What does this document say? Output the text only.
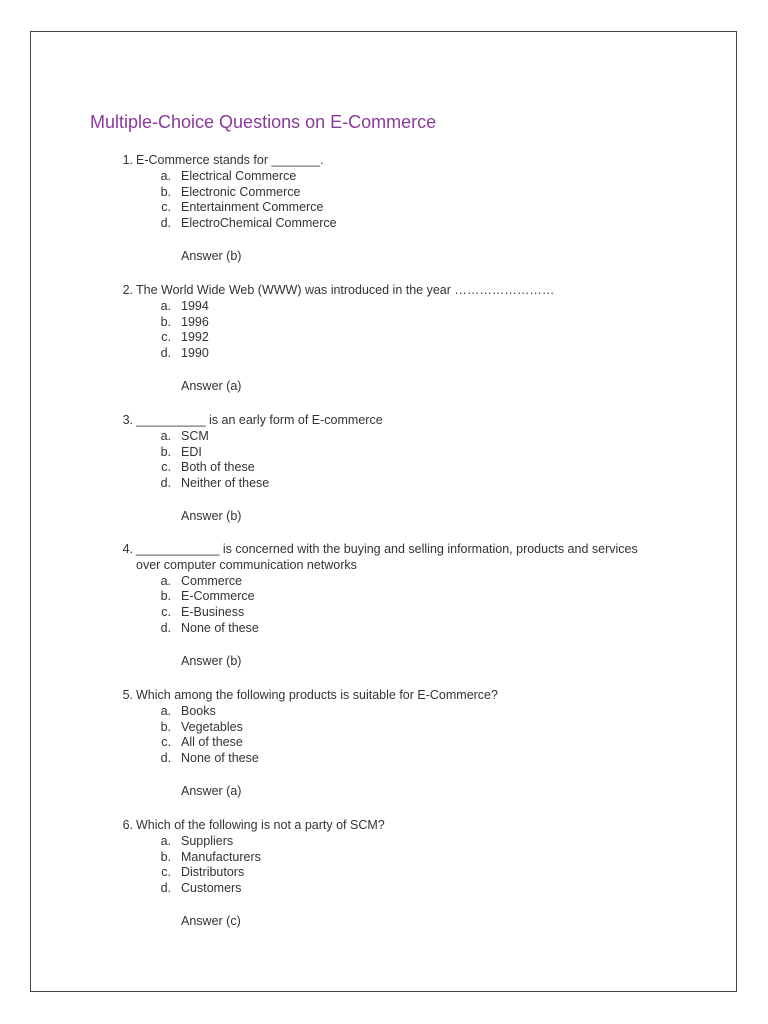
Multiple-Choice Questions on E-Commerce
1. E-Commerce stands for _______.
a. Electrical Commerce
b. Electronic Commerce
c. Entertainment Commerce
d. ElectroChemical Commerce
Answer (b)
2. The World Wide Web (WWW) was introduced in the year ……………………
a. 1994
b. 1996
c. 1992
d. 1990
Answer (a)
3. __________ is an early form of E-commerce
a. SCM
b. EDI
c. Both of these
d. Neither of these
Answer (b)
4. ____________ is concerned with the buying and selling information, products and services
over computer communication networks
a. Commerce
b. E-Commerce
c. E-Business
d. None of these
Answer (b)
5. Which among the following products is suitable for E-Commerce?
a. Books
b. Vegetables
c. All of these
d. None of these
Answer (a)
6. Which of the following is not a party of SCM?
a. Suppliers
b. Manufacturers
c. Distributors
d. Customers
Answer (c)
